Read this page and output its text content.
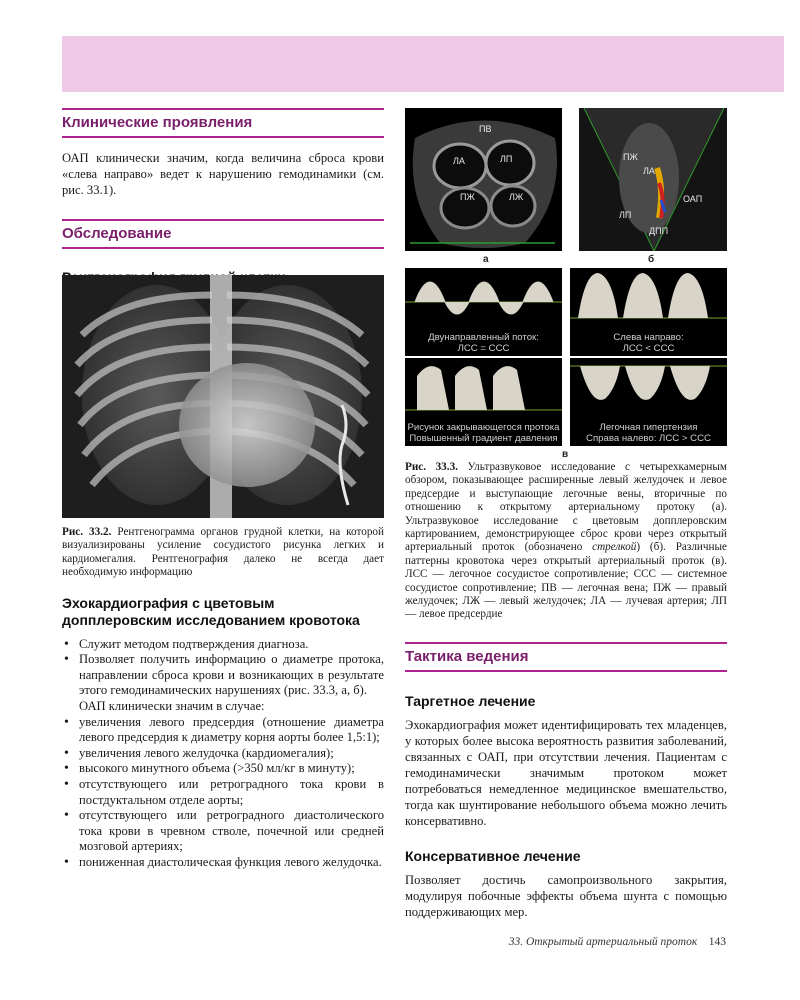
Клинические проявления

ОАП клинически значим, когда величина сброса крови «слева направо» ведет к нарушению гемодинамики (см. рис. 33.1).

Обследование

Рис. 33.2. Рентгенограмма органов грудной клетки, на которой визуализированы усиление сосудистого рисунка легких и кардиомегалия. Рентгенография далеко не всегда дает необходимую информацию

Эхокардиография с цветовым допплеровским исследованием кровотока
• Служит методом подтверждения диагноза.
• Позволяет получить информацию о диаметре протока, направлении сброса крови и возникающих в результате этого гемодинамических нарушениях (рис. 33.3, а, б).
ОАП клинически значим в случае:
• увеличения левого предсердия (отношение диаметра левого предсердия к диаметру корня аорты более 1,5:1);
• увеличения левого желудочка (кардиомегалия);
• высокого минутного объема (>350 мл/кг в минуту);
• отсутствующего или ретроградного тока крови в постдуктальном отделе аорты;
• отсутствующего или ретроградного диастолического тока крови в чревном стволе, почечной или средней мозговой артериях;
• пониженная диастолическая функция левого желудочка.
ПВ
ЛА	ЛП
ПЖ	ЛЖ
а
ПЖ
ЛА
ОАП
ЛП
ДПП
б
Двунаправленный поток:
ЛСС = ССС
Слева направо:
ЛСС < ССС
Рисунок закрывающегося протока
Повышенный градиент давления
Легочная гипертензия
Справа налево: ЛСС > ССС
в

Рис. 33.3. Ультразвуковое исследование с четырехкамерным обзором, показывающее расширенные левый желудочек и левое предсердие и выступающие легочные вены, вторичные по отношению к открытому артериальному протоку (а). Ультразвуковое исследование с цветовым допплеровским картированием, демонстрирующее сброс крови через открытый артериальный проток (обозначено стрелкой) (б). Различные паттерны кровотока через открытый артериальный проток (в). ЛСС — легочное сосудистое сопротивление; ССС — системное сосудистое сопротивление; ПВ — легочная вена; ПЖ — правый желудочек; ЛЖ — левый желудочек; ЛА — лучевая артерия; ЛП — левое предсердие

Тактика ведения
Таргетное лечение

Эхокардиография может идентифицировать тех младенцев, у которых более высока вероятность развития заболеваний, связанных с ОАП, при отсутствии лечения. Пациентам с гемодинамически значимым протоком может потребоваться немедленное медицинское вмешательство, тогда как шунтирование небольшого объема можно лечить консервативно.

Консервативное лечение

Позволяет достичь самопроизвольного закрытия, модулируя побочные эффекты объема шунта с помощью поддерживающих мер.

33. Открытый артериальный проток 143
